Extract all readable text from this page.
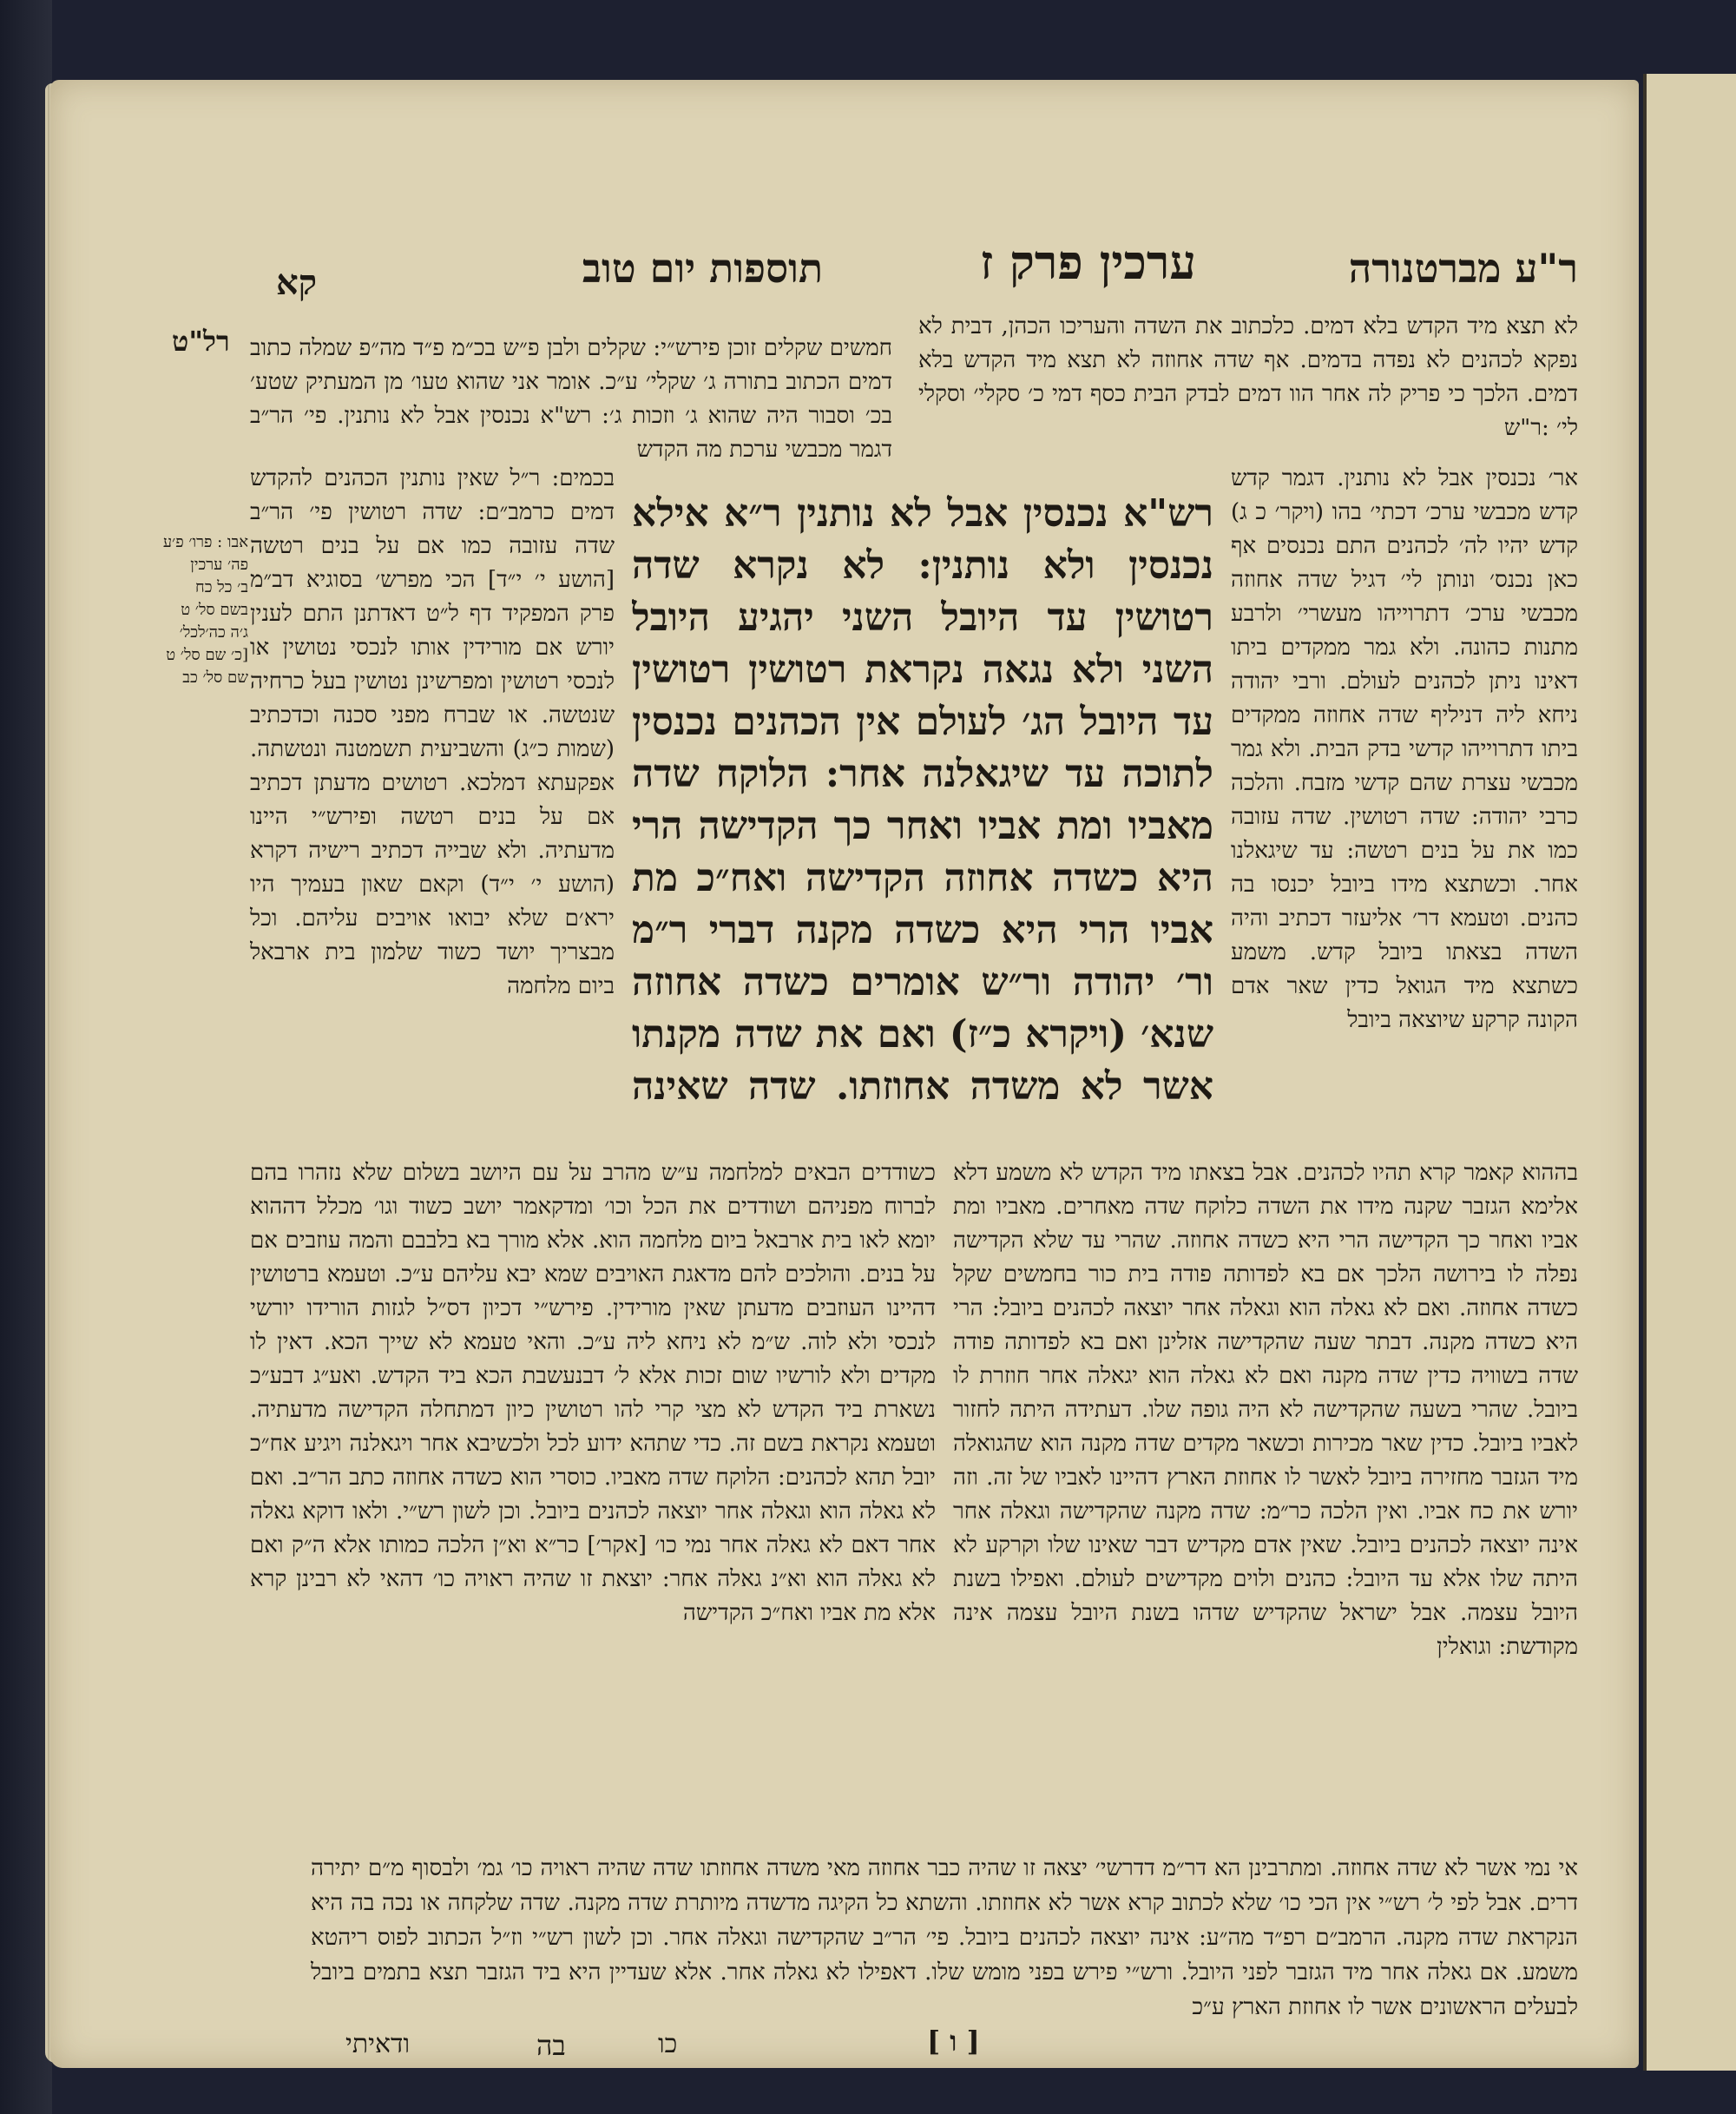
ר"ע מברטנורה
ערכין פרק ז
תוספות יום טוב
קא
רל"ט	לא תצא מיד הקדש בלא דמים. כלכתוב את השדה והעריכו הכהן, דבית לא נפקא לכהנים לא נפדה בדמים. אף שדה אחוזה לא תצא מיד הקדש בלא דמים. הלכך כי פריק לה אחר הוו דמים לבדק הבית כסף דמי כ׳ סקלי׳ וסקלי לי׳ :ר"ש

חמשים שקלים זוכן פירש״י: שקלים ולבן פ״ש בכ״מ פ״ד מה״פ שמלה כתוב דמים הכתוב בתורה ג׳ שקלי׳ ע״כ. אומר אני שהוא טעו׳ מן המעתיק שטע׳ בכ׳ וסבור היה שהוא ג׳ וזכות ג׳: רש"א נכנסין אבל לא נותנין. פי׳ הר״ב דגמר מכבשי ערכת מה הקדש

אבו : פרו׳ פ׳ע
פה׳ ערכין
ב׳ כל כח
בשם סל׳ ט
ג׳ה כה׳לכל׳
[כ׳ שם סל׳ ט
שם סל׳ כב

אר׳ נכנסין אבל לא נותנין. דגמר קדש קדש מכבשי ערכ׳ דכתי׳ בהו (ויקר׳ כ ג) קדש יהיו לה׳ לכהנים התם נכנסים אף כאן נכנס׳ ונותן לי׳ דגיל שדה אחוזה מכבשי ערכ׳ דתרוייהו מעשרי׳ ולרבע מתנות כהונה. ולא גמר ממקדים ביתו דאינו ניתן לכהנים לעולם. ורבי יהודה ניחא ליה דניליף שדה אחוזה ממקדים ביתו דתרוייהו קדשי בדק הבית. ולא גמר מכבשי עצרת שהם קדשי מזבח. והלכה כרבי יהודה: שדה רטושין. שדה עזובה כמו את על בנים רטשה: עד שיגאלנו אחר. וכשתצא מידו ביובל יכנסו בה כהנים. וטעמא דר׳ אליעזר דכתיב והיה השדה בצאתו ביובל קדש. משמע כשתצא מיד הגואל כדין שאר אדם הקונה קרקע שיוצאה ביובל

רש"א נכנסין אבל לא נותנין ר״א אילא נכנסין ולא נותנין: לא נקרא שדה רטושין עד היובל השני יהגיע היובל השני ולא נגאה נקראת רטושין רטושין עד היובל הג׳ לעולם אין הכהנים נכנסין לתוכה עד שיגאלנה אחר: הלוקח שדה מאביו ומת אביו ואחר כך הקדישה הרי היא כשדה אחוזה הקדישה ואח״כ מת אביו הרי היא כשדה מקנה דברי ר״מ ור׳ יהודה ור״ש אומרים כשדה אחוזה שנא׳ (ויקרא כ״ז) ואם את שדה מקנתו אשר לא משדה אחוזתו. שדה שאינה

בכמים: ר״ל שאין נותנין הכהנים להקדש דמים כרמב״ם: שדה רטושין פי׳ הר״ב שדה עזובה כמו אם על בנים רטשה [הושע י׳ י״ד] הכי מפרש׳ בסוגיא דב״מ פרק המפקיד דף ל״ט דאדתנן התם לענין יורש אם מורידין אותו לנכסי נטושין או לנכסי רטושין ומפרשינן נטושין בעל כרחיה שנטשה. או שברח מפני סכנה וכדכתיב (שמות כ״ג) והשביעית תשמטנה ונטשתה. אפקעתא דמלכא. רטושים מדעתן דכתיב אם על בנים רטשה ופירש״י היינו מדעתיה. ולא שבייה דכתיב רישיה דקרא (הושע י׳ י״ד) וקאם שאון בעמיך היו ירא׳ם שלא יבואו אויבים עליהם. וכל מבצריך יושד כשוד שלמון בית ארבאל ביום מלחמה

בההוא קאמר קרא תהיו לכהנים. אבל בצאתו מיד הקדש לא משמע דלא אלימא הגזבר שקנה מידו את השדה כלוקח שדה מאחרים. מאביו ומת אביו ואחר כך הקדישה הרי היא כשדה אחוזה. שהרי עד שלא הקדישה נפלה לו בירושה הלכך אם בא לפדותה פודה בית כור בחמשים שקל כשדה אחוזה. ואם לא גאלה הוא וגאלה אחר יוצאה לכהנים ביובל: הרי היא כשדה מקנה. דבתר שעה שהקדישה אזלינן ואם בא לפדותה פודה שדה בשוויה כדין שדה מקנה ואם לא גאלה הוא יגאלה אחר חוזרת לו ביובל. שהרי בשעה שהקדישה לא היה גופה שלו. דעתידה היתה לחזור לאביו ביובל. כדין שאר מכירות וכשאר מקדים שדה מקנה הוא שהגואלה מיד הגזבר מחזירה ביובל לאשר לו אחוזת הארץ דהיינו לאביו של זה. וזה יורש את כח אביו. ואין הלכה כר״מ: שדה מקנה שהקדישה וגאלה אחר אינה יוצאה לכהנים ביובל. שאין אדם מקדיש דבר שאינו שלו וקרקע לא היתה שלו אלא עד היובל: כהנים ולוים מקדישים לעולם. ואפילו בשנת היובל עצמה. אבל ישראל שהקדיש שדהו בשנת היובל עצמה אינה מקודשת: וגואלין

כשודדים הבאים למלחמה ע״ש מהרב על עם היושב בשלום שלא נזהרו בהם לברוח מפניהם ושודדים את הכל וכו׳ ומדקאמר יושב כשוד וגו׳ מכלל דההוא יומא לאו בית ארבאל ביום מלחמה הוא. אלא מורך בא בלבבם והמה עוזבים אם על בנים. והולכים להם מדאגת האויבים שמא יבא עליהם ע״כ. וטעמא ברטושין דהיינו העוזבים מדעתן שאין מורידין. פירש״י דכיון דס״ל לגזות הורידו יורשי לנכסי ולא לוה. ש״מ לא ניחא ליה ע״כ. והאי טעמא לא שייך הכא. דאין לו מקדים ולא לורשיו שום זכות אלא ל׳ דבנעשבת הכא ביד הקדש. ואע״ג דבע״כ נשארת ביד הקדש לא מצי קרי להו רטושין כיון דמתחלה הקדישה מדעתיה. וטעמא נקראת בשם זה. כדי שתהא ידוע לכל ולכשיבא אחר ויגאלנה ויגיע אח״כ יובל תהא לכהנים: הלוקח שדה מאביו. כוסרי הוא כשדה אחוזה כתב הר״ב. ואם לא גאלה הוא וגאלה אחר יוצאה לכהנים ביובל. וכן לשון רש״י. ולאו דוקא גאלה אחר דאם לא גאלה אחר נמי כו׳ [אקר׳] כר״א וא״ן הלכה כמותו אלא ה״ק ואם לא גאלה הוא וא״נ גאלה אחר: יוצאת זו שהיה ראויה כו׳ דהאי לא רבינן קרא אלא מת אביו ואח״כ הקדישה

אי נמי אשר לא שדה אחוזה. ומתרבינן הא דר״מ דדרשי׳ יצאה זו שהיה כבר אחוזה מאי משדה אחוזתו שדה שהיה ראויה כו׳ גמ׳ ולבסוף מ״ם יתירה דרים. אבל לפי ל׳ רש״י אין הכי כו׳ שלא לכתוב קרא אשר לא אחוזתו. והשתא כל הקיגה מדשדה מיותרת שדה מקנה. שדה שלקחה או נכה בה היא הנקראת שדה מקנה. הרמב״ם רפ״ד מה״ע: אינה יוצאה לכהנים ביובל. פי׳ הר״ב שהקדישה וגאלה אחר. וכן לשון רש״י וז״ל הכתוב לפוס ריהטא משמע. אם גאלה אחר מיד הגזבר לפני היובל. ורש״י פירש בפני מומש שלו. דאפילו לא גאלה אחר. אלא שעדיין היא ביד הגזבר תצא בתמים ביובל לבעלים הראשונים אשר לו אחוזת הארץ ע״כ

[ ו ]
כו
בה
ודאיתי
